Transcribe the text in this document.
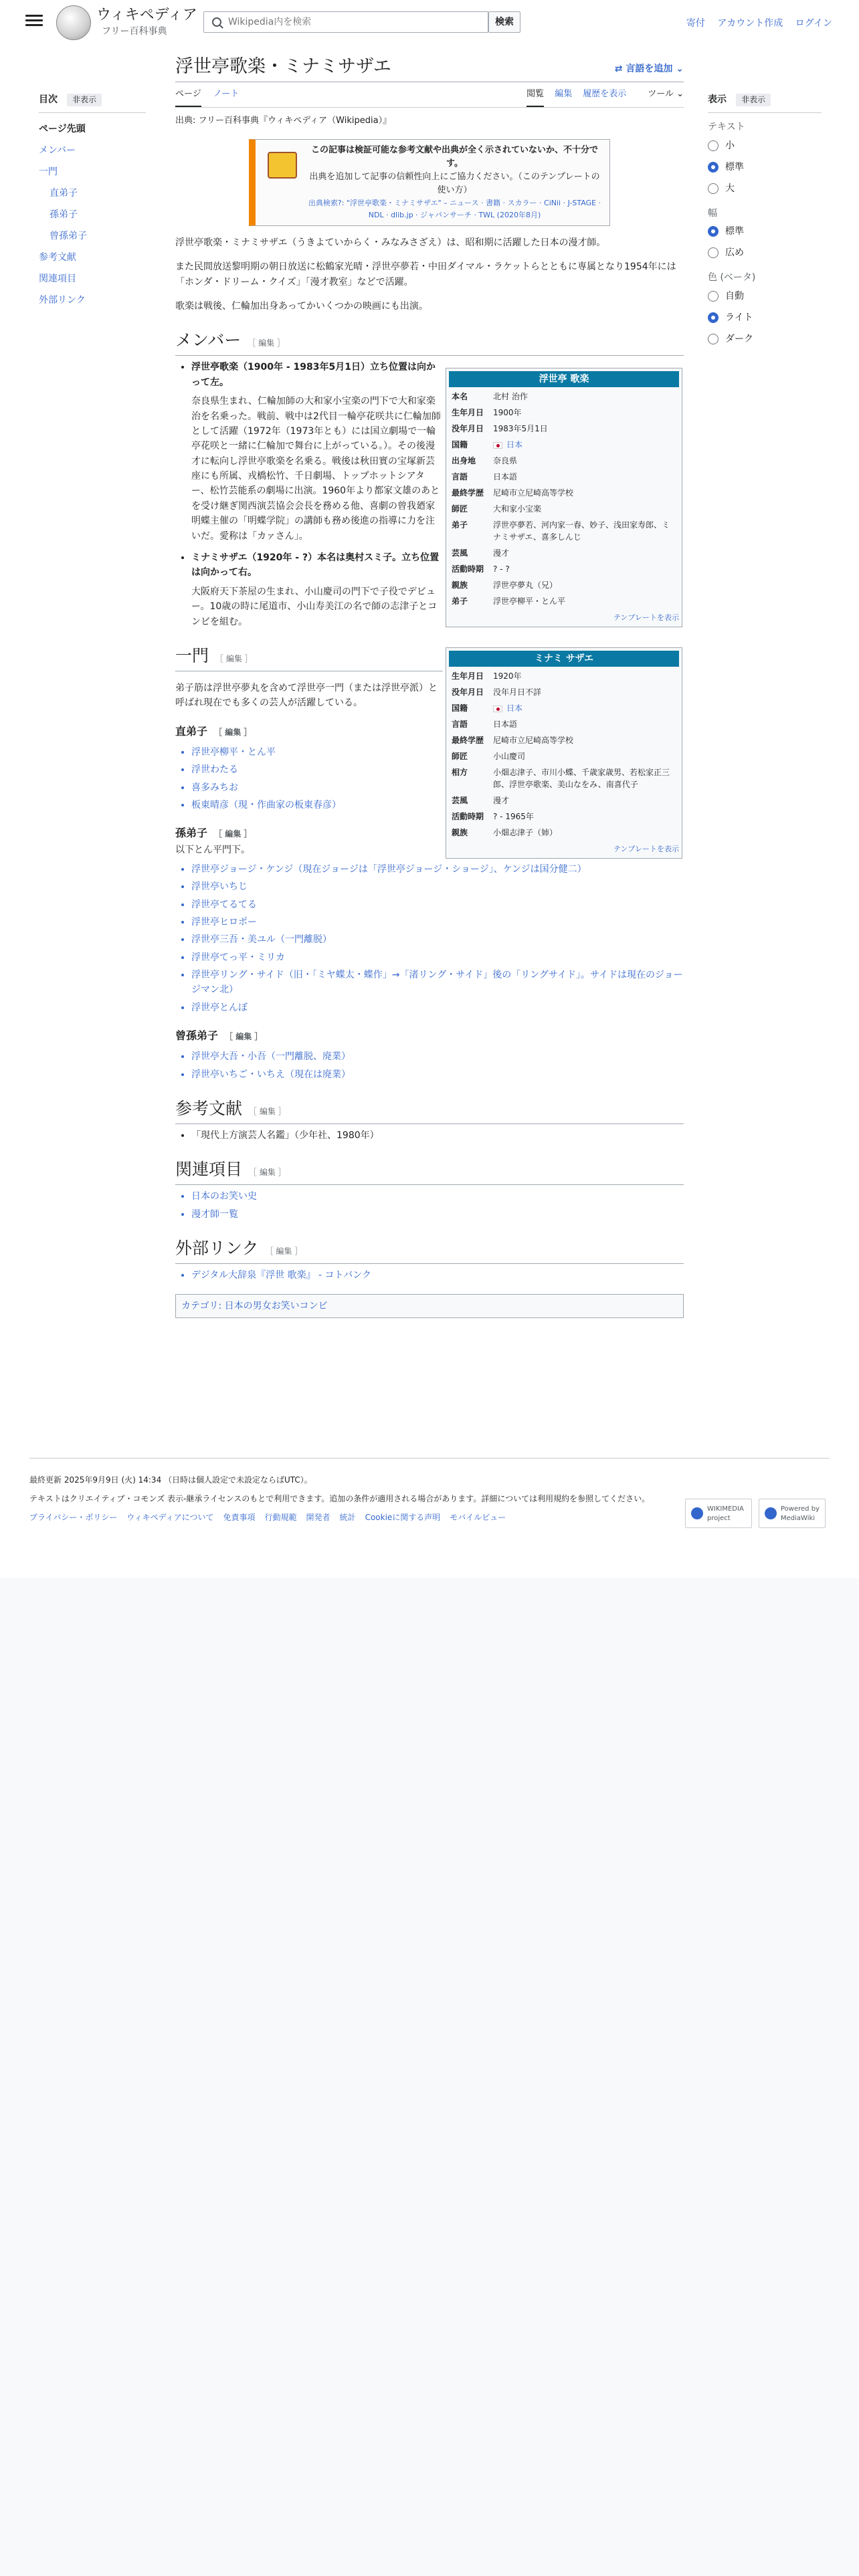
ウィキペディア
フリー百科事典
Wikipedia内を検索
検索	寄付 アカウント作成 ログイン
目次	非表示
ページ先頭
メンバー
一門
直弟子
孫弟子
曾孫弟子
参考文献
関連項目
外部リンク
表示	非表示
テキスト
小
標準
大
幅
標準
広め
色 (ベータ)
自動
ライト
ダーク
浮世亭歌楽・ミナミサザエ	⇄ 言語を追加 ⌄
ページ ノート	閲覧 編集 履歴を表示 ツール ⌄
出典: フリー百科事典『ウィキペディア（Wikipedia）』
この記事は検証可能な参考文献や出典が全く示されていないか、不十分です。
出典を追加して記事の信頼性向上にご協力ください。（このテンプレートの使い方）
出典検索?: "浮世亭歌楽・ミナミサザエ" – ニュース · 書籍 · スカラー · CiNii · J-STAGE · NDL · dlib.jp · ジャパンサーチ · TWL (2020年8月)

浮世亭歌楽・ミナミサザエ（うきよていからく・みなみさざえ）は、昭和期に活躍した日本の漫才師。

また民間放送黎明期の朝日放送に松鶴家光晴・浮世亭夢若・中田ダイマル・ラケットらとともに専属となり1954年には「ホンダ・ドリーム・クイズ」「漫才教室」などで活躍。

歌楽は戦後、仁輪加出身あってかいくつかの映画にも出演。

メンバー ［ 編集 ］
• 浮世亭歌楽（1900年 - 1983年5月1日）立ち位置は向かって左。
奈良県生まれ、仁輪加師の大和家小宝楽の門下で大和家楽治を名乗った。戦前、戦中は2代目一輪亭花咲共に仁輪加師として活躍（1972年（1973年とも）には国立劇場で一輪亭花咲と一緒に仁輪加で舞台に上がっている。）。その後漫才に転向し浮世亭歌楽を名乗る。戦後は秋田實の宝塚新芸座にも所属、戎橋松竹、千日劇場、トップホットシアター、松竹芸能系の劇場に出演。1960年より都家文雄のあとを受け継ぎ関西演芸協会会長を務める他、喜劇の曾我廼家明蝶主催の「明蝶学院」の講師も務め後進の指導に力を注いだ。愛称は「カァさん」。
• ミナミサザエ（1920年 - ?）本名は奥村スミ子。立ち位置は向かって右。
大阪府天下茶屋の生まれ、小山慶司の門下で子役でデビュー。10歳の時に尾道市、小山寿美江の名で師の志津子とコンビを組む。
一門 ［ 編集 ］

弟子筋は浮世亭夢丸を含めて浮世亭一門（または浮世亭派）と呼ばれ現在でも多くの芸人が活躍している。

直弟子 ［ 編集 ］
• 浮世亭柳平・とん平
• 浮世わたる
• 喜多みちお
• 板東晴彦（現・作曲家の板東春彦）
孫弟子 ［ 編集 ］

以下とん平門下。

• 浮世亭ジョージ・ケンジ（現在ジョージは「浮世亭ジョージ・ショージ」、ケンジは国分健二）
• 浮世亭いちじ
• 浮世亭てるてる
• 浮世亭ヒロポー
• 浮世亭三吾・美ユル（一門離脱）
• 浮世亭てっ平・ミリカ
• 浮世亭リング・サイド（旧・「ミヤ蝶太・蝶作」→「渚リング・サイド」後の「リングサイド」。サイドは現在のジョージマン北）
• 浮世亭とんぼ
曾孫弟子 ［ 編集 ］
• 浮世亭大吾・小吾（一門離脱、廃業）
• 浮世亭いちご・いちえ（現在は廃業）
参考文献 ［ 編集 ］
• 「現代上方演芸人名鑑」（少年社、1980年）
関連項目 ［ 編集 ］
• 日本のお笑い史
• 漫才師一覧
外部リンク ［ 編集 ］
• デジタル大辞泉『浮世 歌楽』 - コトバンク
カテゴリ: 日本の男女お笑いコンビ
浮世亭 歌楽
本名	北村 治作
生年月日	1900年
没年月日	1983年5月1日
国籍	日本
出身地	奈良県
言語	日本語
最終学歴	尼崎市立尼崎高等学校
師匠	大和家小宝楽
弟子	浮世亭夢若、河内家一春、妙子、浅田家寿郎、ミナミサザエ、喜多しんじ
芸風	漫才
活動時期	? - ?
親族	浮世亭夢丸（兄）
弟子	浮世亭柳平・とん平
テンプレートを表示
ミナミ サザエ
生年月日	1920年
没年月日	没年月日不詳
国籍	日本
言語	日本語
最終学歴	尼崎市立尼崎高等学校
師匠	小山慶司
相方	小畑志津子、市川小蝶、千歳家歳男、若松家正三郎、浮世亭歌楽、美山なをみ、南喜代子
芸風	漫才
活動時期	? - 1965年
親族	小畑志津子（姉）
テンプレートを表示
最終更新 2025年9月9日 (火) 14:34 （日時は個人設定で未設定ならばUTC）。
テキストはクリエイティブ・コモンズ 表示-継承ライセンスのもとで利用できます。追加の条件が適用される場合があります。詳細については利用規約を参照してください。
プライバシー・ポリシー ウィキペディアについて 免責事項 行動規範 開発者 統計 Cookieに関する声明 モバイルビュー
WIKIMEDIA project
Powered by MediaWiki
